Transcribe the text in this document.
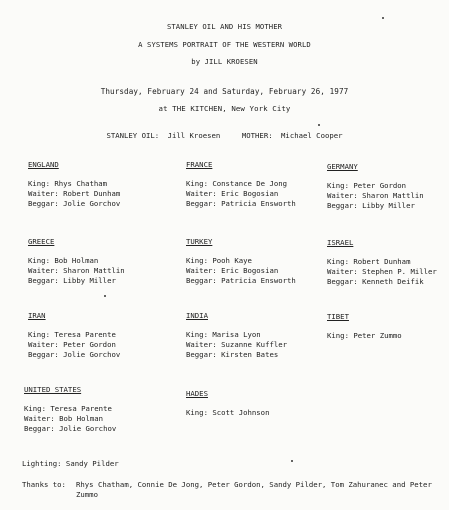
STANLEY OIL AND HIS MOTHER
A SYSTEMS PORTRAIT OF THE WESTERN WORLD
by JILL KROESEN
Thursday, February 24 and Saturday, February 26, 1977
at THE KITCHEN, New York City
STANLEY OIL: Jill Kroesen	MOTHER: Michael Cooper
ENGLAND
King: Rhys Chatham
Waiter: Robert Dunham
Beggar: Jolie Gorchov
FRANCE
King: Constance De Jong
Waiter: Eric Bogosian
Beggar: Patricia Ensworth
GERMANY
King: Peter Gordon
Waiter: Sharon Mattlin
Beggar: Libby Miller
GREECE
King: Bob Holman
Waiter: Sharon Mattlin
Beggar: Libby Miller
TURKEY
King: Pooh Kaye
Waiter: Eric Bogosian
Beggar: Patricia Ensworth
ISRAEL
King: Robert Dunham
Waiter: Stephen P. Miller
Beggar: Kenneth Deifik
IRAN
King: Teresa Parente
Waiter: Peter Gordon
Beggar: Jolie Gorchov
INDIA
King: Marisa Lyon
Waiter: Suzanne Kuffler
Beggar: Kirsten Bates
TIBET
King: Peter Zummo
UNITED STATES
King: Teresa Parente
Waiter: Bob Holman
Beggar: Jolie Gorchov
HADES
King: Scott Johnson
Lighting: Sandy Pilder
Thanks to: Rhys Chatham, Connie De Jong, Peter Gordon, Sandy Pilder, Tom Zahuranec and Peter Zummo
